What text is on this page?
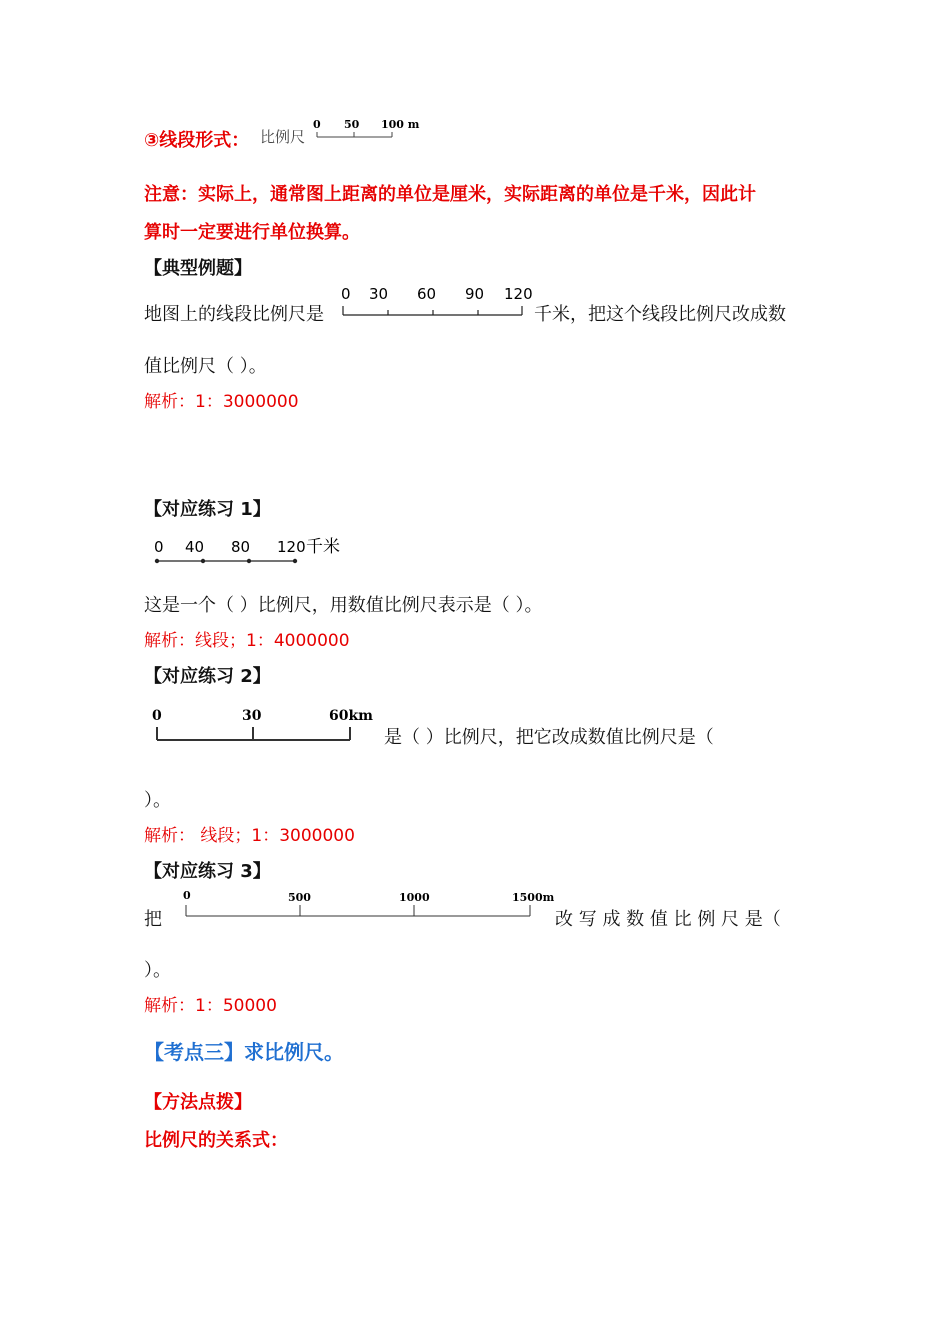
③线段形式： 比例尺
0 50 100 m
注意：实际上，通常图上距离的单位是厘米，实际距离的单位是千米，因此计
算时一定要进行单位换算。
【典型例题】
地图上的线段比例尺是
0 30 60 90 120
千米，把这个线段比例尺改成数
值比例尺（ ）。
解析：1：3000000
【对应练习 1】
0 40 80 120 千米
这是一个（ ）比例尺，用数值比例尺表示是（ ）。
解析：线段；1：4000000
【对应练习 2】
0	30	60km
是（ ）比例尺，把它改成数值比例尺是（
）。
解析： 线段；1：3000000
【对应练习 3】
把
0	500	1000	1500m
改 写 成 数 值 比 例 尺 是（
）。
解析：1：50000
【考点三】求比例尺。
【方法点拨】
比例尺的关系式：
